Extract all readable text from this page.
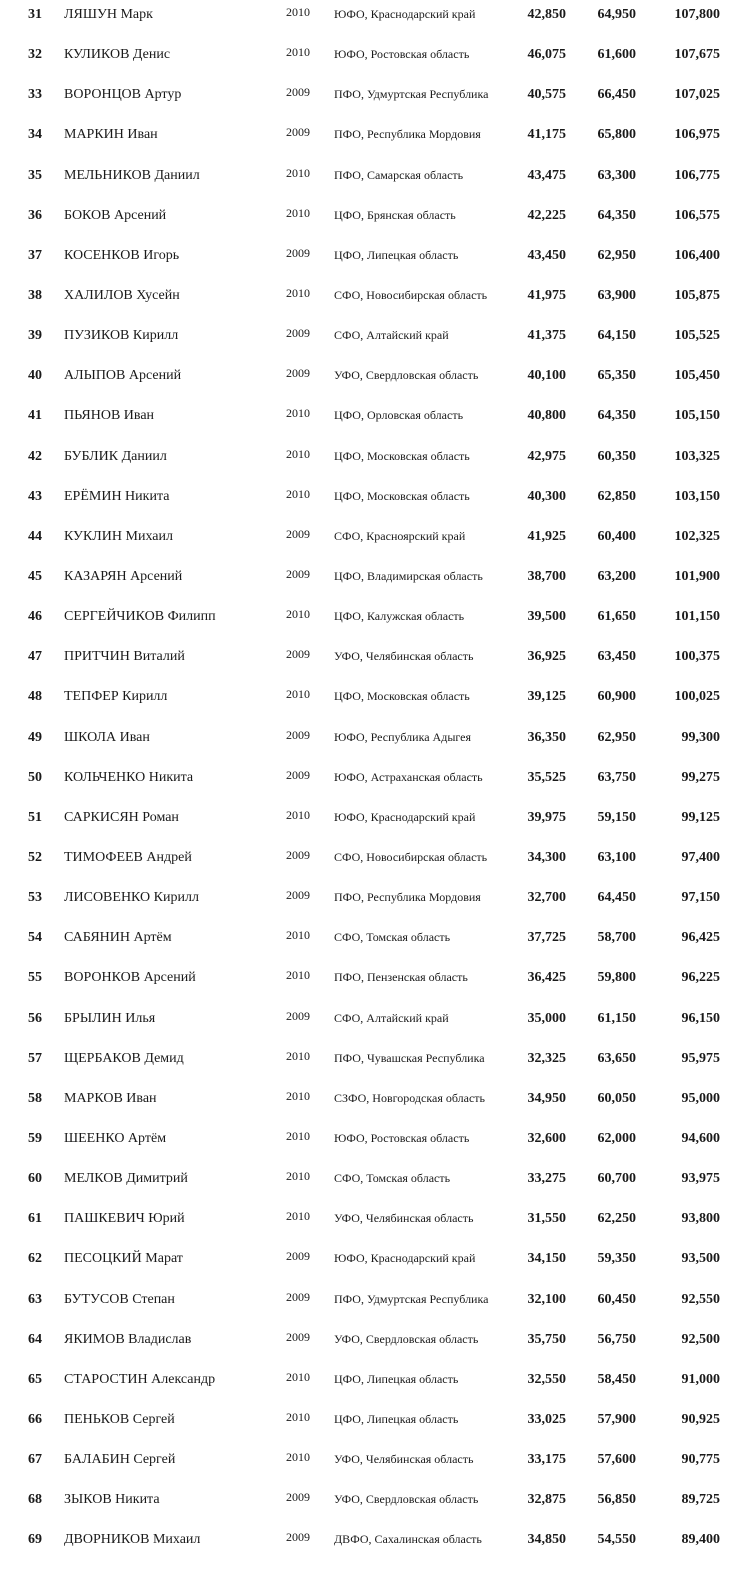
31	ЛЯШУН Марк	2010	ЮФО, Краснодарский край	42,850	64,950	107,800
32	КУЛИКОВ Денис	2010	ЮФО, Ростовская область	46,075	61,600	107,675
33	ВОРОНЦОВ Артур	2009	ПФО, Удмуртская Республика	40,575	66,450	107,025
34	МАРКИН Иван	2009	ПФО, Республика Мордовия	41,175	65,800	106,975
35	МЕЛЬНИКОВ Даниил	2010	ПФО, Самарская область	43,475	63,300	106,775
36	БОКОВ Арсений	2010	ЦФО, Брянская область	42,225	64,350	106,575
37	КОСЕНКОВ Игорь	2009	ЦФО, Липецкая область	43,450	62,950	106,400
38	ХАЛИЛОВ Хусейн	2010	СФО, Новосибирская область	41,975	63,900	105,875
39	ПУЗИКОВ Кирилл	2009	СФО, Алтайский край	41,375	64,150	105,525
40	АЛЫПОВ Арсений	2009	УФО, Свердловская область	40,100	65,350	105,450
41	ПЬЯНОВ Иван	2010	ЦФО, Орловская область	40,800	64,350	105,150
42	БУБЛИК Даниил	2010	ЦФО, Московская область	42,975	60,350	103,325
43	ЕРЁМИН Никита	2010	ЦФО, Московская область	40,300	62,850	103,150
44	КУКЛИН Михаил	2009	СФО, Красноярский край	41,925	60,400	102,325
45	КАЗАРЯН Арсений	2009	ЦФО, Владимирская область	38,700	63,200	101,900
46	СЕРГЕЙЧИКОВ Филипп	2010	ЦФО, Калужская область	39,500	61,650	101,150
47	ПРИТЧИН Виталий	2009	УФО, Челябинская область	36,925	63,450	100,375
48	ТЕПФЕР Кирилл	2010	ЦФО, Московская область	39,125	60,900	100,025
49	ШКОЛА Иван	2009	ЮФО, Республика Адыгея	36,350	62,950	99,300
50	КОЛЬЧЕНКО Никита	2009	ЮФО, Астраханская область	35,525	63,750	99,275
51	САРКИСЯН Роман	2010	ЮФО, Краснодарский край	39,975	59,150	99,125
52	ТИМОФЕЕВ Андрей	2009	СФО, Новосибирская область	34,300	63,100	97,400
53	ЛИСОВЕНКО Кирилл	2009	ПФО, Республика Мордовия	32,700	64,450	97,150
54	САБЯНИН Артём	2010	СФО, Томская область	37,725	58,700	96,425
55	ВОРОНКОВ Арсений	2010	ПФО, Пензенская область	36,425	59,800	96,225
56	БРЫЛИН Илья	2009	СФО, Алтайский край	35,000	61,150	96,150
57	ЩЕРБАКОВ Демид	2010	ПФО, Чувашская Республика	32,325	63,650	95,975
58	МАРКОВ Иван	2010	СЗФО, Новгородская область	34,950	60,050	95,000
59	ШЕЕНКО Артём	2010	ЮФО, Ростовская область	32,600	62,000	94,600
60	МЕЛКОВ Димитрий	2010	СФО, Томская область	33,275	60,700	93,975
61	ПАШКЕВИЧ Юрий	2010	УФО, Челябинская область	31,550	62,250	93,800
62	ПЕСОЦКИЙ Марат	2009	ЮФО, Краснодарский край	34,150	59,350	93,500
63	БУТУСОВ Степан	2009	ПФО, Удмуртская Республика	32,100	60,450	92,550
64	ЯКИМОВ Владислав	2009	УФО, Свердловская область	35,750	56,750	92,500
65	СТАРОСТИН Александр	2010	ЦФО, Липецкая область	32,550	58,450	91,000
66	ПЕНЬКОВ Сергей	2010	ЦФО, Липецкая область	33,025	57,900	90,925
67	БАЛАБИН Сергей	2010	УФО, Челябинская область	33,175	57,600	90,775
68	ЗЫКОВ Никита	2009	УФО, Свердловская область	32,875	56,850	89,725
69	ДВОРНИКОВ Михаил	2009	ДВФО, Сахалинская область	34,850	54,550	89,400
